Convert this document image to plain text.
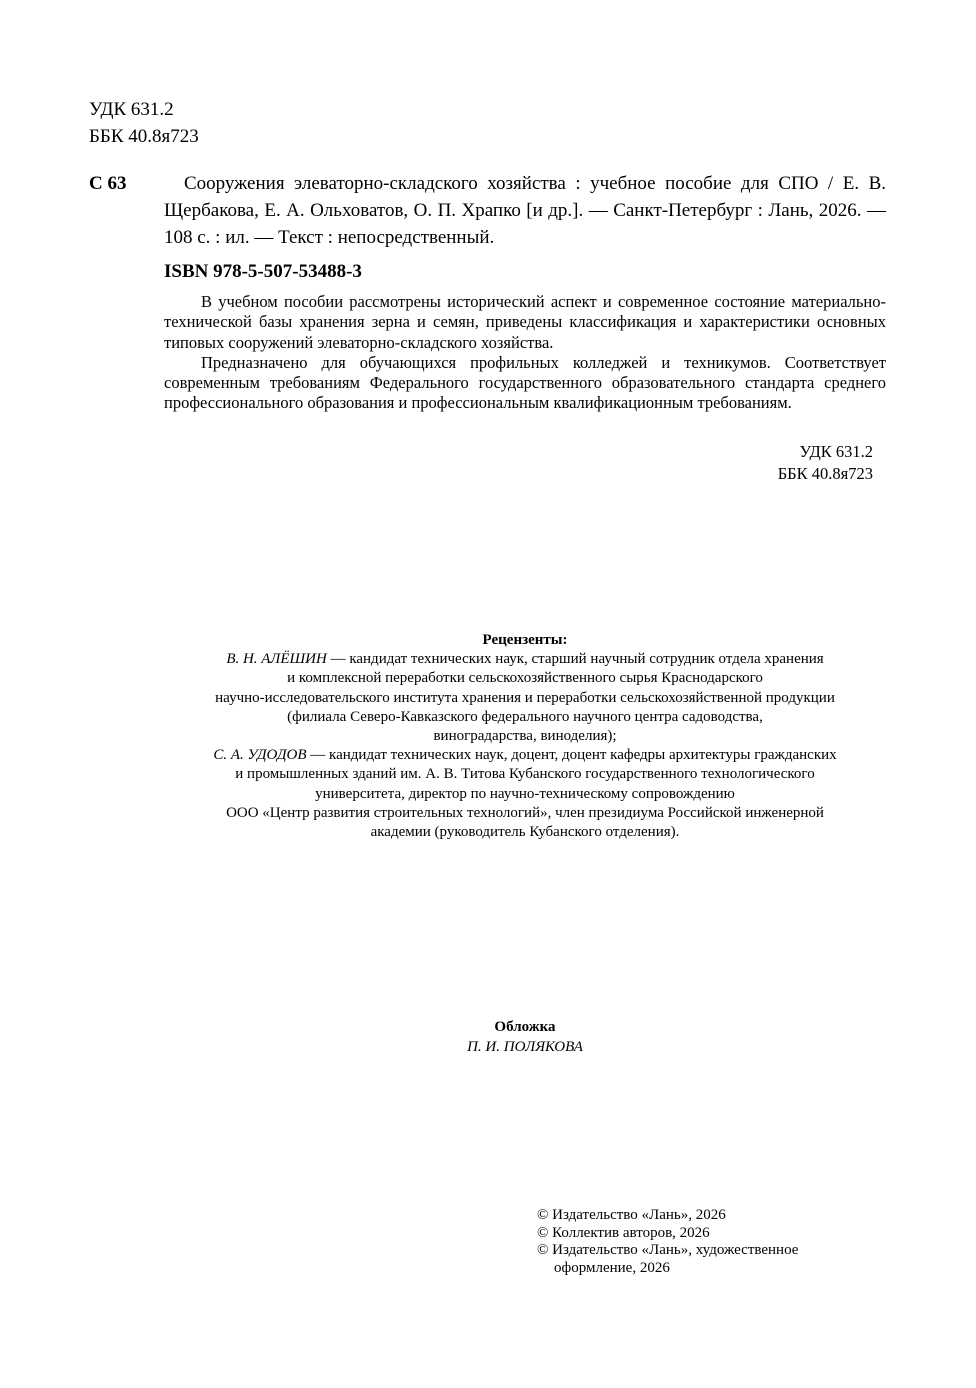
УДК 631.2
ББК 40.8я723
С 63	Сооружения элеваторно-складского хозяйства : учебное пособие для СПО / Е. В. Щербакова, Е. А. Ольховатов, О. П. Храпко [и др.]. — Санкт-Петербург : Лань, 2026. — 108 с. : ил. — Текст : непосредственный.
ISBN 978-5-507-53488-3

В учебном пособии рассмотрены исторический аспект и современное состояние материально-технической базы хранения зерна и семян, приведены классификация и характеристики основных типовых сооружений элеваторно-складского хозяйства.

Предназначено для обучающихся профильных колледжей и техникумов. Соответствует современным требованиям Федерального государственного образовательного стандарта среднего профессионального образования и профессиональным квалификационным требованиям.

УДК 631.2
ББК 40.8я723
Рецензенты:
В. Н. АЛЁШИН — кандидат технических наук, старший научный сотрудник отдела хранения
и комплексной переработки сельскохозяйственного сырья Краснодарского
научно-исследовательского института хранения и переработки сельскохозяйственной продукции
(филиала Северо-Кавказского федерального научного центра садоводства,
виноградарства, виноделия);
С. А. УДОДОВ — кандидат технических наук, доцент, доцент кафедры архитектуры гражданских
и промышленных зданий им. А. В. Титова Кубанского государственного технологического
университета, директор по научно-техническому сопровождению
ООО «Центр развития строительных технологий», член президиума Российской инженерной
академии (руководитель Кубанского отделения).
Обложка
П. И. ПОЛЯКОВА
© Издательство «Лань», 2026
© Коллектив авторов, 2026
© Издательство «Лань», художественное
оформление, 2026
